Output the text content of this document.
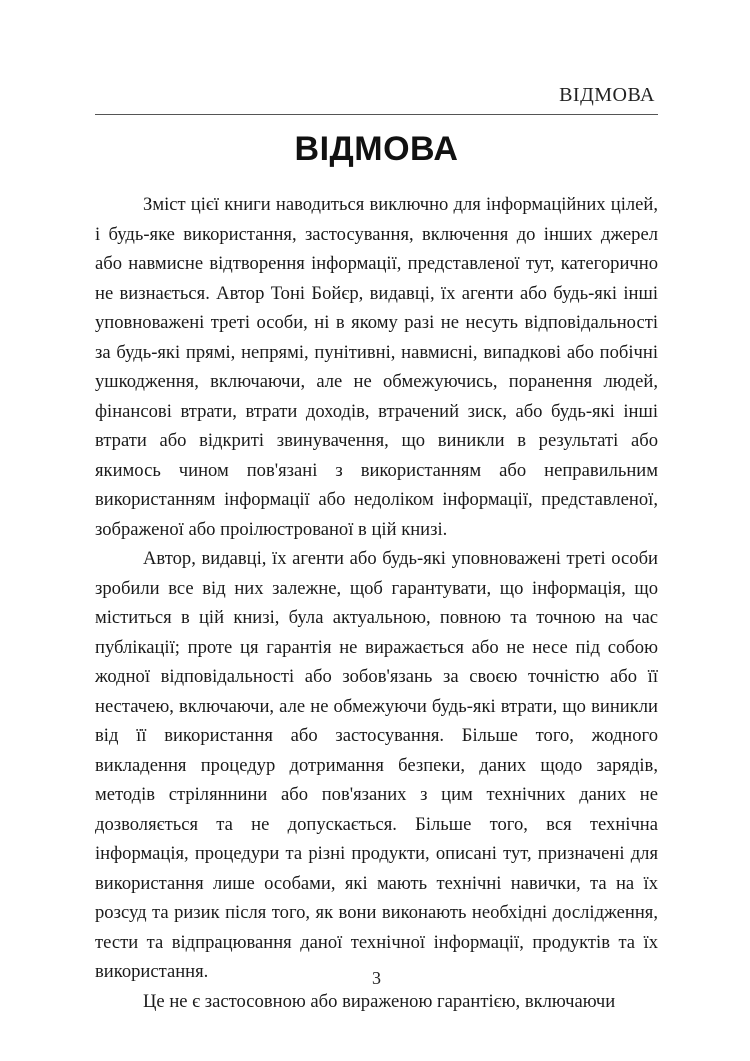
ВІДМОВА
ВІДМОВА

Зміст цієї книги наводиться виключно для інформаційних цілей, і будь-яке використання, застосування, включення до інших джерел або навмисне відтворення інформації, представленої тут, категорично не визнається. Автор Тоні Бойєр, видавці, їх агенти або будь-які інші уповноважені треті особи, ні в якому разі не несуть відповідальності за будь-які прямі, непрямі, пунітивні, навмисні, випадкові або побічні ушкодження, включаючи, але не обмежуючись, поранення людей, фінансові втрати, втрати доходів, втрачений зиск, або будь-які інші втрати або відкриті звинувачення, що виникли в результаті або якимось чином пов'язані з використанням або неправильним використанням інформації або недоліком інформації, представленої, зображеної або проілюстрованої в цій книзі.

Автор, видавці, їх агенти або будь-які уповноважені треті особи зробили все від них залежне, щоб гарантувати, що інформація, що міститься в цій книзі, була актуальною, повною та точною на час публікації; проте ця гарантія не виражається або не несе під собою жодної відповідальності або зобов'язань за своєю точністю або її нестачею, включаючи, але не обмежуючи будь-які втрати, що виникли від її використання або застосування. Більше того, жодного викладення процедур дотримання безпеки, даних щодо зарядів, методів стріляннини або пов'язаних з цим технічних даних не дозволяється та не допускається. Більше того, вся технічна інформація, процедури та різні продукти, описані тут, призначені для використання лише особами, які мають технічні навички, та на їх розсуд та ризик після того, як вони виконають необхідні дослідження, тести та відпрацювання даної технічної інформації, продуктів та їх використання.

Це не є застосовною або вираженою гарантією, включаючи

3
